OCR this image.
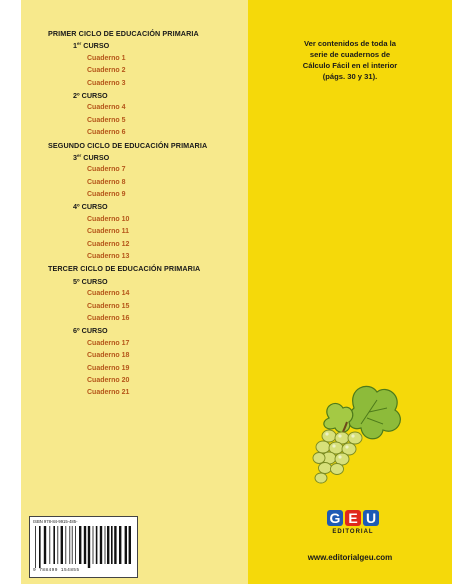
PRIMER CICLO DE EDUCACIÓN PRIMARIA
1er CURSO
Cuaderno 1
Cuaderno 2
Cuaderno 3
2º CURSO
Cuaderno 4
Cuaderno 5
Cuaderno 6
SEGUNDO CICLO DE EDUCACIÓN PRIMARIA
3er CURSO
Cuaderno 7
Cuaderno 8
Cuaderno 9
4º CURSO
Cuaderno 10
Cuaderno 11
Cuaderno 12
Cuaderno 13
TERCER CICLO DE EDUCACIÓN PRIMARIA
5º CURSO
Cuaderno 14
Cuaderno 15
Cuaderno 16
6º CURSO
Cuaderno 17
Cuaderno 18
Cuaderno 19
Cuaderno 20
Cuaderno 21
ISBN 978-84-9915-485-
9 788499 154855
Ver contenidos de toda la
serie de cuadernos de
Cálculo Fácil en el interior
(págs. 30 y 31).
G E U
EDITORIAL
www.editorialgeu.com
